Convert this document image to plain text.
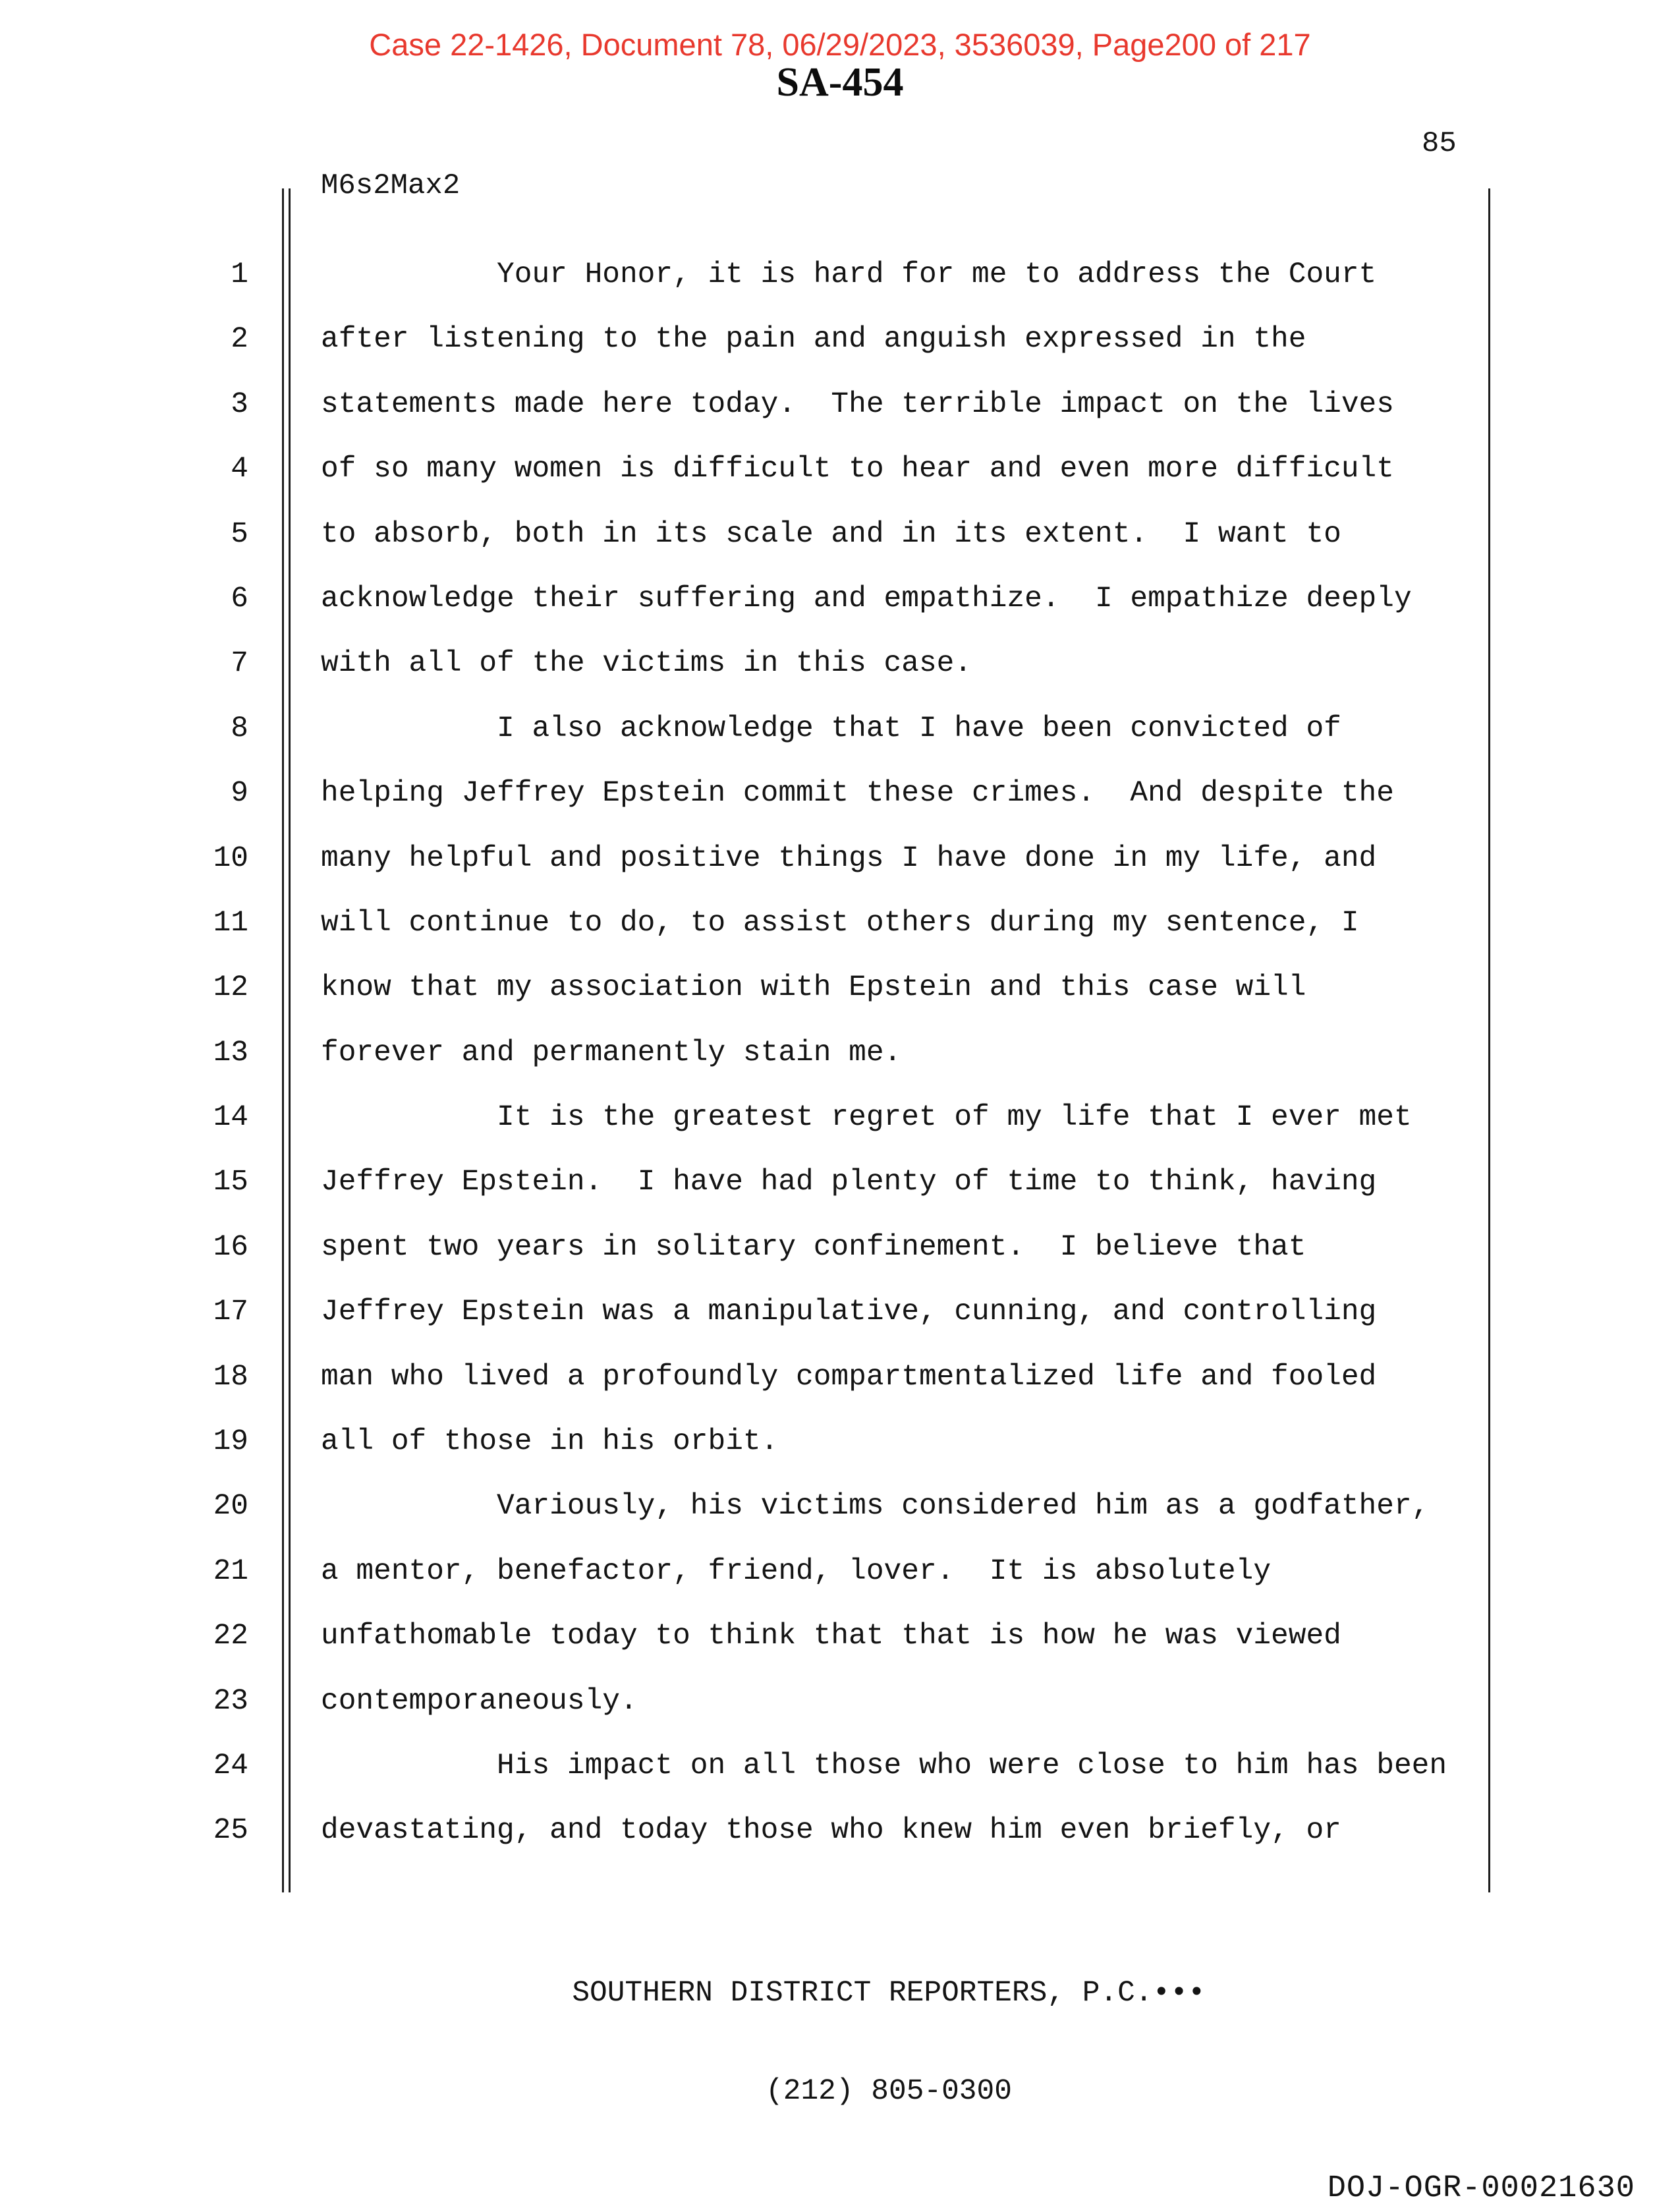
Case 22-1426, Document 78, 06/29/2023, 3536039, Page200 of 217
SA-454
85
M6s2Max2
1 Your Honor, it is hard for me to address the Court
2 after listening to the pain and anguish expressed in the
3 statements made here today.  The terrible impact on the lives
4 of so many women is difficult to hear and even more difficult
5 to absorb, both in its scale and in its extent.  I want to
6 acknowledge their suffering and empathize.  I empathize deeply
7 with all of the victims in this case.
8 I also acknowledge that I have been convicted of
9 helping Jeffrey Epstein commit these crimes.  And despite the
10 many helpful and positive things I have done in my life, and
11 will continue to do, to assist others during my sentence, I
12 know that my association with Epstein and this case will
13 forever and permanently stain me.
14 It is the greatest regret of my life that I ever met
15 Jeffrey Epstein.  I have had plenty of time to think, having
16 spent two years in solitary confinement.  I believe that
17 Jeffrey Epstein was a manipulative, cunning, and controlling
18 man who lived a profoundly compartmentalized life and fooled
19 all of those in his orbit.
20 Variously, his victims considered him as a godfather,
21 a mentor, benefactor, friend, lover.  It is absolutely
22 unfathomable today to think that that is how he was viewed
23 contemporaneously.
24 His impact on all those who were close to him has been
25 devastating, and today those who knew him even briefly, or

SOUTHERN DISTRICT REPORTERS, P.C.•••

(212) 805-0300

DOJ-OGR-00021630
